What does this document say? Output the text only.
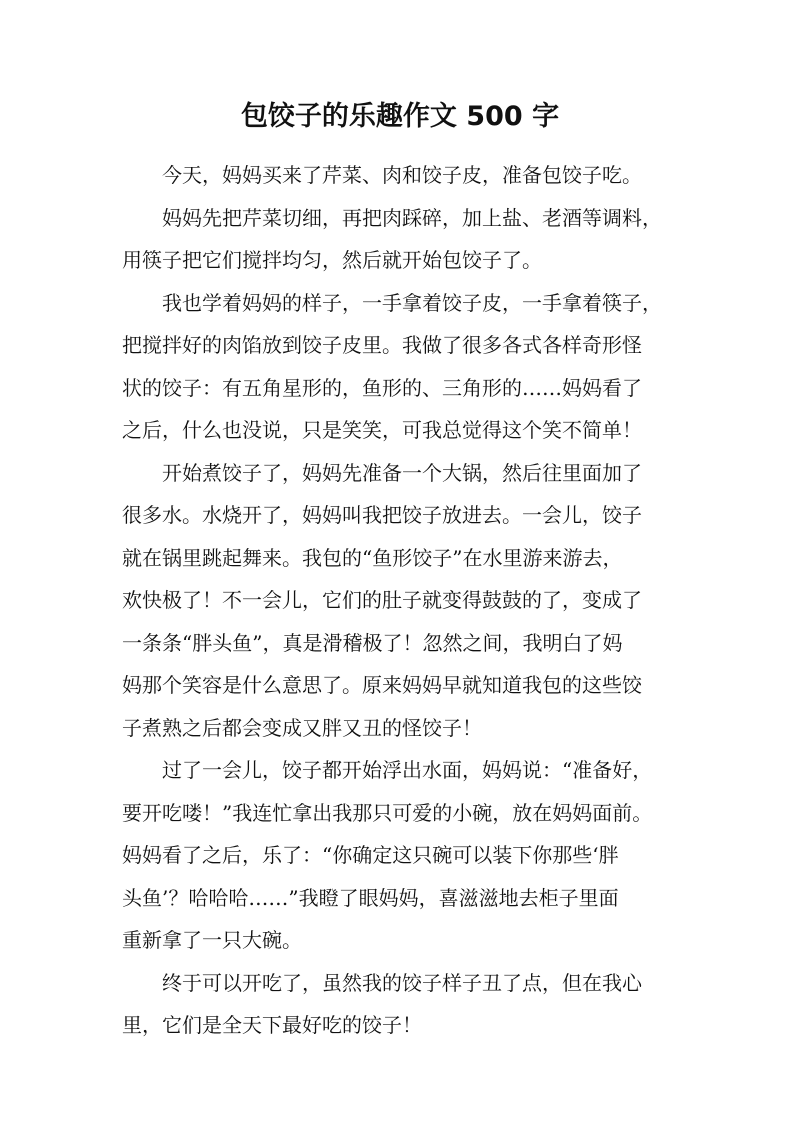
包饺子的乐趣作文 500 字
今天，妈妈买来了芹菜、肉和饺子皮，准备包饺子吃。
妈妈先把芹菜切细，再把肉踩碎，加上盐、老酒等调料，
用筷子把它们搅拌均匀，然后就开始包饺子了。
我也学着妈妈的样子，一手拿着饺子皮，一手拿着筷子，
把搅拌好的肉馅放到饺子皮里。我做了很多各式各样奇形怪
状的饺子：有五角星形的，鱼形的、三角形的……妈妈看了
之后，什么也没说，只是笑笑，可我总觉得这个笑不简单！
开始煮饺子了，妈妈先准备一个大锅，然后往里面加了
很多水。水烧开了，妈妈叫我把饺子放进去。一会儿，饺子
就在锅里跳起舞来。我包的“鱼形饺子”在水里游来游去，
欢快极了！不一会儿，它们的肚子就变得鼓鼓的了，变成了
一条条“胖头鱼”，真是滑稽极了！忽然之间，我明白了妈
妈那个笑容是什么意思了。原来妈妈早就知道我包的这些饺
子煮熟之后都会变成又胖又丑的怪饺子！
过了一会儿，饺子都开始浮出水面，妈妈说：“准备好，
要开吃喽！”我连忙拿出我那只可爱的小碗，放在妈妈面前。
妈妈看了之后，乐了：“你确定这只碗可以装下你那些‘胖
头鱼’？哈哈哈……”我瞪了眼妈妈，喜滋滋地去柜子里面
重新拿了一只大碗。
终于可以开吃了，虽然我的饺子样子丑了点，但在我心
里，它们是全天下最好吃的饺子！
